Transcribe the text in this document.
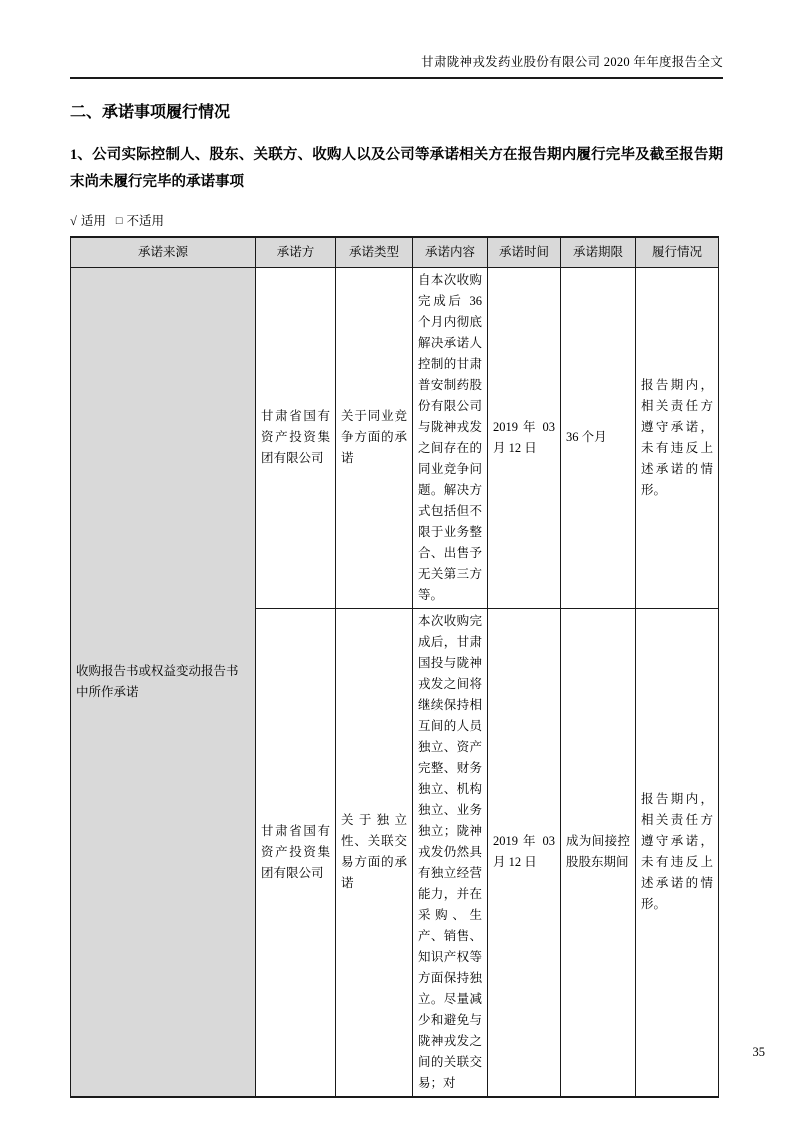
甘肃陇神戎发药业股份有限公司 2020 年年度报告全文
二、承诺事项履行情况
1、公司实际控制人、股东、关联方、收购人以及公司等承诺相关方在报告期内履行完毕及截至报告期末尚未履行完毕的承诺事项
√ 适用 □ 不适用
承诺来源	承诺方	承诺类型	承诺内容	承诺时间	承诺期限	履行情况
收购报告书或权益变动报告书中所作承诺	甘肃省国有资产投资集团有限公司	关于同业竞争方面的承诺	自本次收购完成后 36 个月内彻底解决承诺人控制的甘肃普安制药股份有限公司与陇神戎发之间存在的同业竞争问题。解决方式包括但不限于业务整合、出售予无关第三方等。	2019 年 03 月 12 日	36 个月	报告期内，相关责任方遵守承诺，未有违反上述承诺的情形。
	甘肃省国有资产投资集团有限公司	关于独立性、关联交易方面的承诺	本次收购完成后，甘肃国投与陇神戎发之间将继续保持相互间的人员独立、资产完整、财务独立、机构独立、业务独立；陇神戎发仍然具有独立经营能力，并在采购、生产、销售、知识产权等方面保持独立。尽量减少和避免与陇神戎发之间的关联交易；对	2019 年 03 月 12 日	成为间接控股股东期间	报告期内，相关责任方遵守承诺，未有违反上述承诺的情形。
35
